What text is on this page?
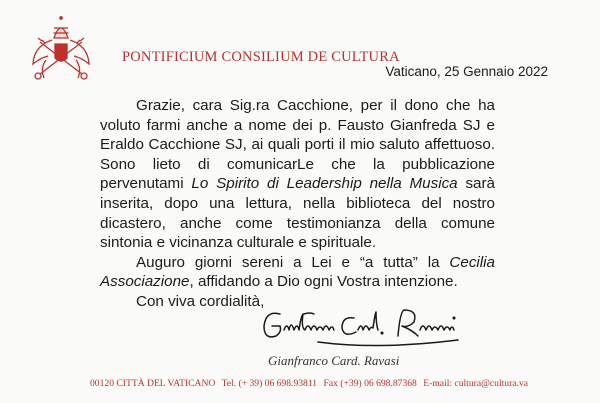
PONTIFICIUM CONSILIUM DE CULTURA
Vaticano, 25 Gennaio 2022

Grazie, cara Sig.ra Cacchione, per il dono che ha voluto farmi anche a nome dei p. Fausto Gianfreda SJ e Eraldo Cacchione SJ, ai quali porti il mio saluto affettuoso. Sono lieto di comunicarLe che la pubblicazione pervenutami Lo Spirito di Leadership nella Musica sarà inserita, dopo una lettura, nella biblioteca del nostro dicastero, anche come testimonianza della comune sintonia e vicinanza culturale e spirituale.

Auguro giorni sereni a Lei e “a tutta” la Cecilia Associazione, affidando a Dio ogni Vostra intenzione.

Con viva cordialità,

Gianfranco Card. Ravasi
00120 CITTÀ DEL VATICANO Tel. (+ 39) 06 698.93811 Fax (+39) 06 698.87368 E-mail: cultura@cultura.va
